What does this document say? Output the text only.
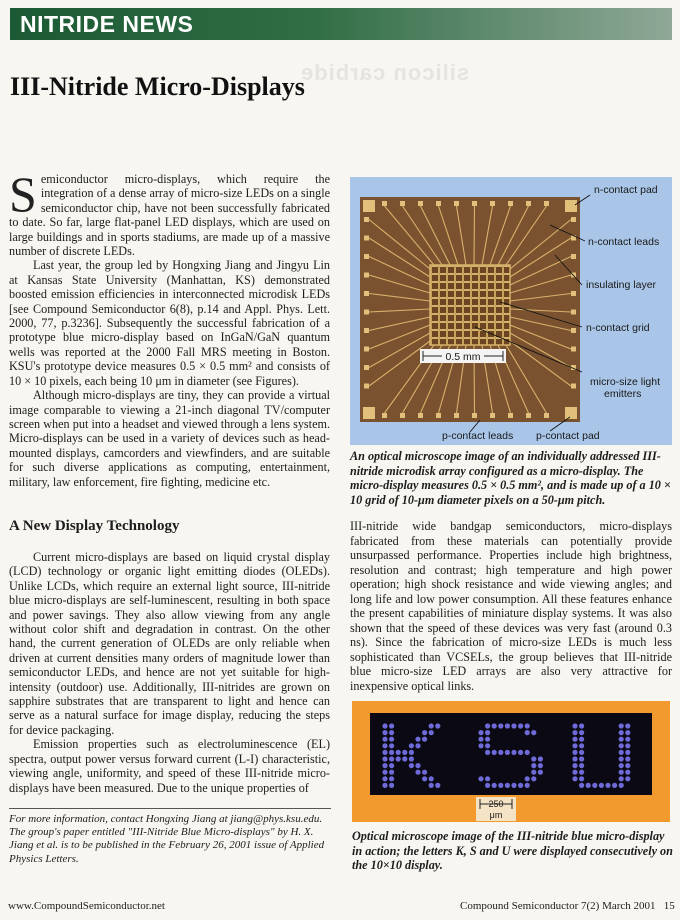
NITRIDE NEWS
silicon carbide
III-Nitride Micro-Displays

Semiconductor micro-displays, which require the integration of a dense array of micro-size LEDs on a single semiconductor chip, have not been successfully fabricated to date. So far, large flat-panel LED displays, which are used on large buildings and in sports stadiums, are made up of a massive number of discrete LEDs.

Last year, the group led by Hongxing Jiang and Jingyu Lin at Kansas State University (Manhattan, KS) demonstrated boosted emission efficiencies in interconnected microdisk LEDs [see Compound Semiconductor 6(8), p.14 and Appl. Phys. Lett. 2000, 77, p.3236]. Subsequently the successful fabrication of a prototype blue micro-display based on InGaN/GaN quantum wells was reported at the 2000 Fall MRS meeting in Boston. KSU's prototype device measures 0.5 × 0.5 mm² and consists of 10 × 10 pixels, each being 10 μm in diameter (see Figures).

Although micro-displays are tiny, they can provide a virtual image comparable to viewing a 21-inch diagonal TV/computer screen when put into a headset and viewed through a lens system. Micro-displays can be used in a variety of devices such as head-mounted displays, camcorders and viewfinders, and are suitable for such diverse applications as computing, entertainment, military, law enforcement, fire fighting, medicine etc.

A New Display Technology

Current micro-displays are based on liquid crystal display (LCD) technology or organic light emitting diodes (OLEDs). Unlike LCDs, which require an external light source, III-nitride blue micro-displays are self-luminescent, resulting in both space and power savings. They also allow viewing from any angle without color shift and degradation in contrast. On the other hand, the current generation of OLEDs are only reliable when driven at current densities many orders of magnitude lower than semiconductor LEDs, and hence are not yet suitable for high-intensity (outdoor) use. Additionally, III-nitrides are grown on sapphire substrates that are transparent to light and hence can serve as a natural surface for image display, reducing the steps for device packaging.

Emission properties such as electroluminescence (EL) spectra, output power versus forward current (L-I) characteristic, viewing angle, uniformity, and speed of these III-nitride micro-displays have been measured. Due to the unique properties of

For more information, contact Hongxing Jiang at jiang@phys.ksu.edu. The group's paper entitled "III-Nitride Blue Micro-displays" by H. X. Jiang et al. is to be published in the February 26, 2001 issue of Applied Physics Letters.

0.5 mm
n-contact pad
n-contact leads
insulating layer
n-contact grid
micro-size light
emitters
p-contact leads p-contact pad

An optical microscope image of an individually addressed III-nitride microdisk array configured as a micro-display. The micro-display measures 0.5 × 0.5 mm², and is made up of a 10 × 10 grid of 10-μm diameter pixels on a 50-μm pitch.

III-nitride wide bandgap semiconductors, micro-displays fabricated from these materials can potentially provide unsurpassed performance. Properties include high brightness, resolution and contrast; high temperature and high power operation; high shock resistance and wide viewing angles; and long life and low power consumption. All these features enhance the present capabilities of miniature display systems. It was also shown that the speed of these devices was very fast (around 0.3 ns). Since the fabrication of micro-size LEDs is much less sophisticated than VCSELs, the group believes that III-nitride blue micro-size LED arrays are also very attractive for inexpensive optical links.

250
μm

Optical microscope image of the III-nitride blue micro-display in action; the letters K, S and U were displayed consecutively on the 10×10 display.

www.CompoundSemiconductor.net	Compound Semiconductor 7(2) March 2001 15
